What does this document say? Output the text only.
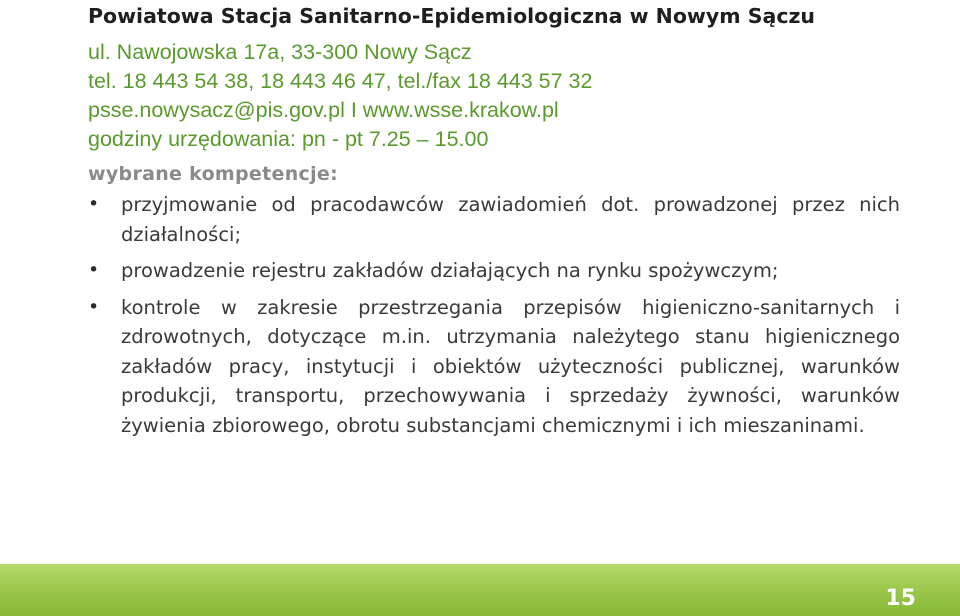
Powiatowa Stacja Sanitarno-Epidemiologiczna w Nowym Sączu
ul. Nawojowska 17a, 33-300 Nowy Sącz
tel. 18 443 54 38, 18 443 46 47, tel./fax 18 443 57 32
psse.nowysacz@pis.gov.pl I www.wsse.krakow.pl
godziny urzędowania: pn - pt 7.25 – 15.00
wybrane kompetencje:
• przyjmowanie od pracodawców zawiadomień dot. prowadzonej przez nich działalności;
• prowadzenie rejestru zakładów działających na rynku spożywczym;
• kontrole w zakresie przestrzegania przepisów higieniczno-sanitarnych i zdrowotnych, dotyczące m.in. utrzymania należytego stanu higienicznego zakładów pracy, instytucji i obiektów użyteczności publicznej, warunków produkcji, transportu, przechowywania i sprzedaży żywności, warunków żywienia zbiorowego, obrotu substancjami chemicznymi i ich mieszaninami.
15
